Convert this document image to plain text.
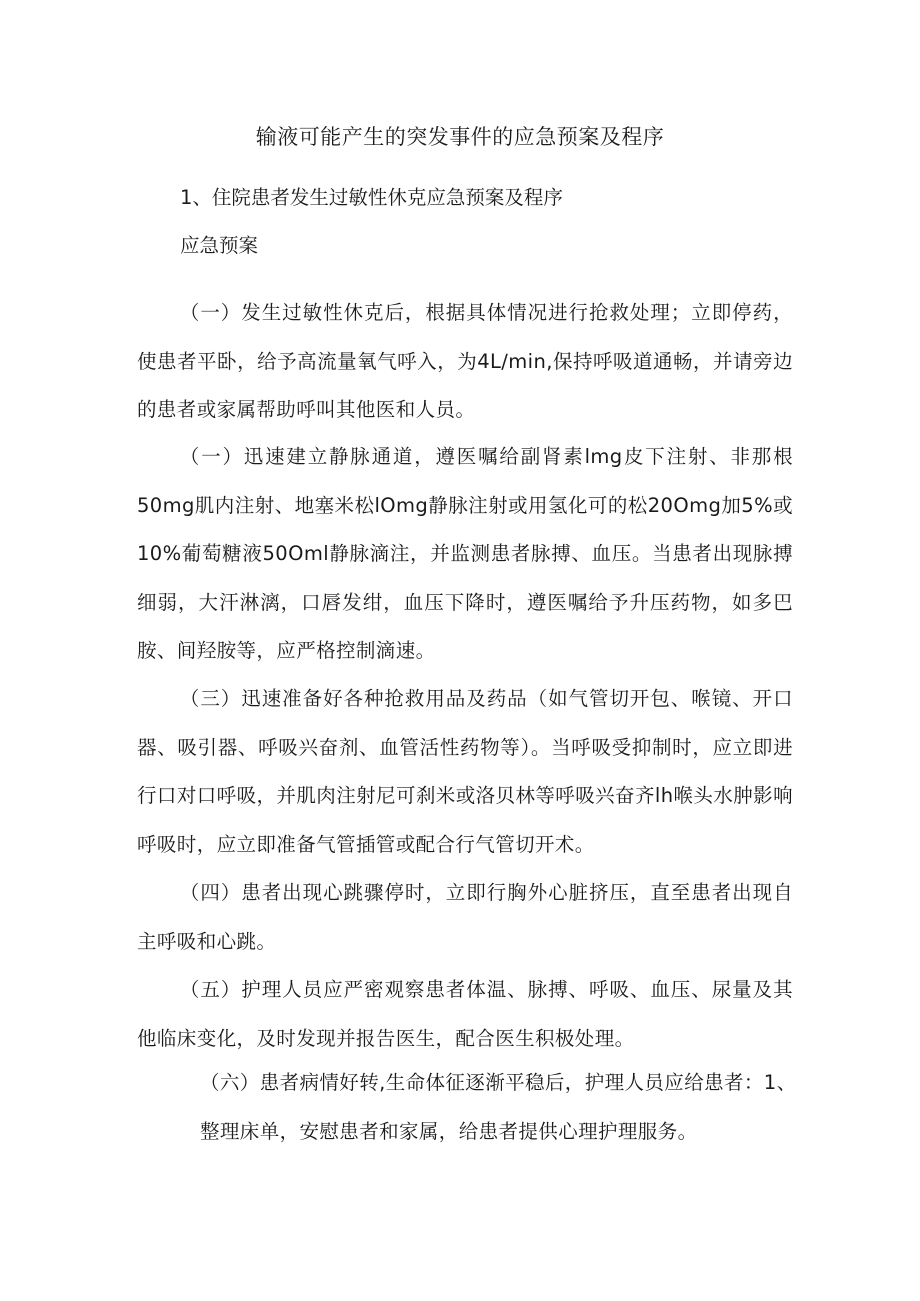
输液可能产生的突发事件的应急预案及程序
1、住院患者发生过敏性休克应急预案及程序
应急预案

（一）发生过敏性休克后，根据具体情况进行抢救处理；立即停药，使患者平卧，给予高流量氧气呼入，为4L∕min,保持呼吸道通畅，并请旁边的患者或家属帮助呼叫其他医和人员。

（一）迅速建立静脉通道，遵医嘱给副肾素lmg皮下注射、非那根50mg肌内注射、地塞米松lOmg静脉注射或用氢化可的松20Omg加5%或10%葡萄糖液50Oml静脉滴注，并监测患者脉搏、血压。当患者出现脉搏细弱，大汗淋漓，口唇发绀，血压下降时，遵医嘱给予升压药物，如多巴胺、间羟胺等，应严格控制滴速。

（三）迅速准备好各种抢救用品及药品（如气管切开包、喉镜、开口器、吸引器、呼吸兴奋剂、血管活性药物等）。当呼吸受抑制时，应立即进行口对口呼吸，并肌肉注射尼可刹米或洛贝林等呼吸兴奋齐lh喉头水肿影响呼吸时，应立即准备气管插管或配合行气管切开术。

（四）患者出现心跳骤停时，立即行胸外心脏挤压，直至患者出现自主呼吸和心跳。

（五）护理人员应严密观察患者体温、脉搏、呼吸、血压、尿量及其他临床变化，及时发现并报告医生，配合医生积极处理。

（六）患者病情好转,生命体征逐渐平稳后，护理人员应给患者：1、
整理床单，安慰患者和家属，给患者提供心理护理服务。
